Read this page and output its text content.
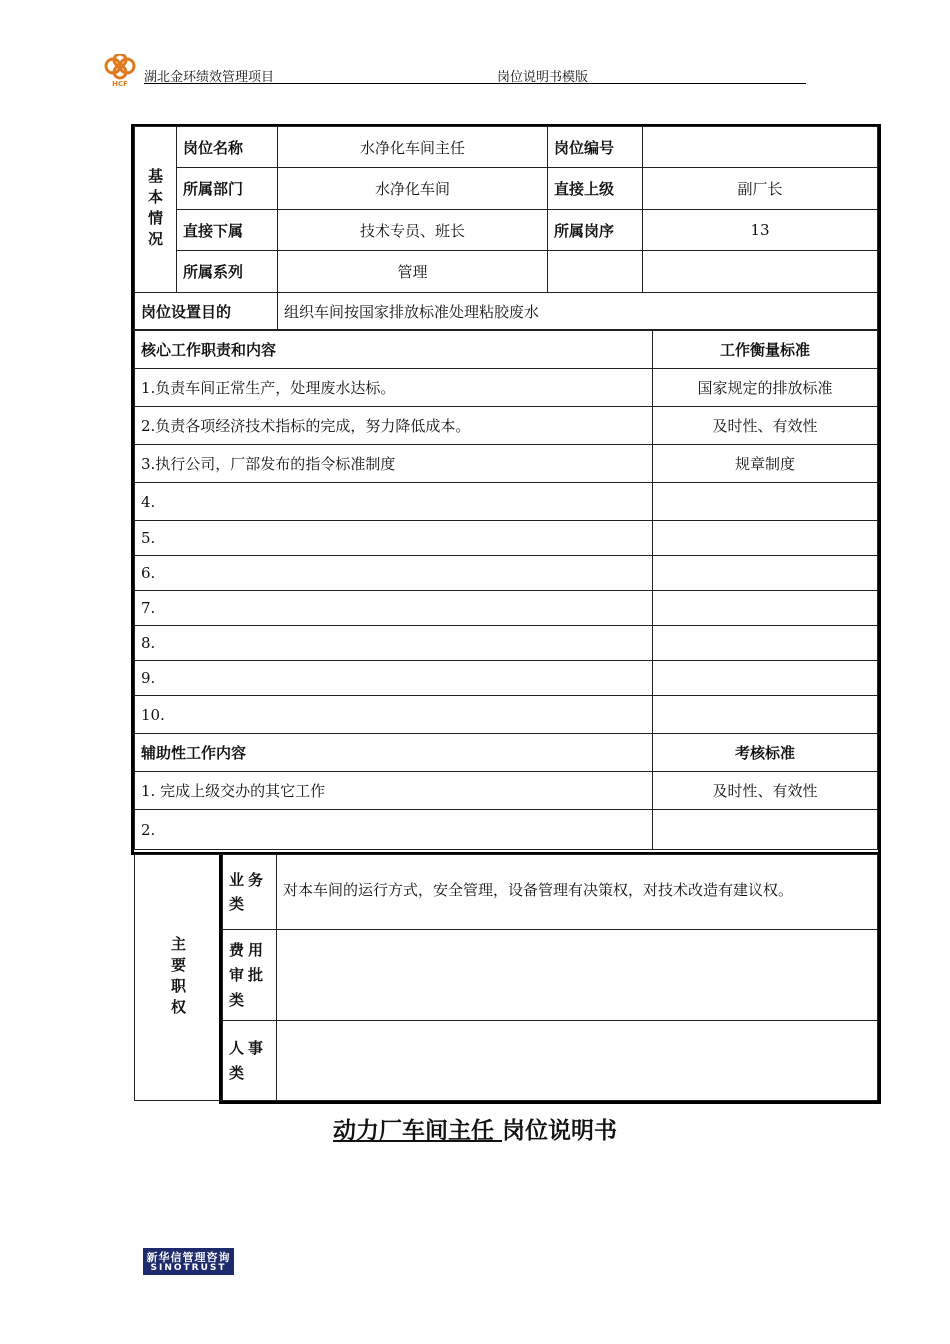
HCF 湖北金环绩效管理项目	岗位说明书模版
基本情况	岗位名称	水净化车间主任	岗位编号	
	所属部门	水净化车间	直接上级	副厂长
	直接下属	技术专员、班长	所属岗序	13
	所属系列	管理		
岗位设置目的	组织车间按国家排放标准处理粘胶废水
核心工作职责和内容	工作衡量标准
1.负责车间正常生产，处理废水达标。	国家规定的排放标准
2.负责各项经济技术指标的完成，努力降低成本。	及时性、有效性
3.执行公司，厂部发布的指令标准制度	规章制度
4.	
5.	
6.	
7.	
8.	
9.	
10.	
辅助性工作内容	考核标准
1. 完成上级交办的其它工作	及时性、有效性
2.	
主要职权	业务类	对本车间的运行方式，安全管理，设备管理有决策权，对技术改造有建议权。
	费用审批类	
	人事类	
动力厂车间主任 岗位说明书
新华信管理咨询
SINOTRUST
